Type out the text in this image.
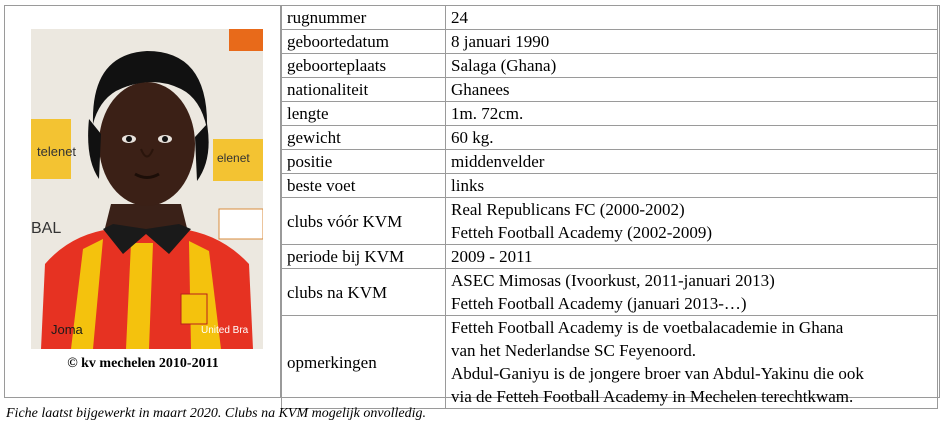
telenet	elenet
BAL
Joma	United Bra
© kv mechelen 2010-2011
rugnummer	24
geboortedatum	8 januari 1990
geboorteplaats	Salaga (Ghana)
nationaliteit	Ghanees
lengte	1m. 72cm.
gewicht	60 kg.
positie	middenvelder
beste voet	links
clubs vóór KVM	Real Republicans FC (2000-2002)
Fetteh Football Academy (2002-2009)

periode bij KVM	2009 - 2011
clubs na KVM	ASEC Mimosas (Ivoorkust, 2011-januari 2013)
Fetteh Football Academy (januari 2013-…)

opmerkingen	Fetteh Football Academy is de voetbalacademie in Ghana
van het Nederlandse SC Feyenoord.
Abdul-Ganiyu is de jongere broer van Abdul-Yakinu die ook
via de Fetteh Football Academy in Mechelen terechtkwam.
Fiche laatst bijgewerkt in maart 2020. Clubs na KVM mogelijk onvolledig.
